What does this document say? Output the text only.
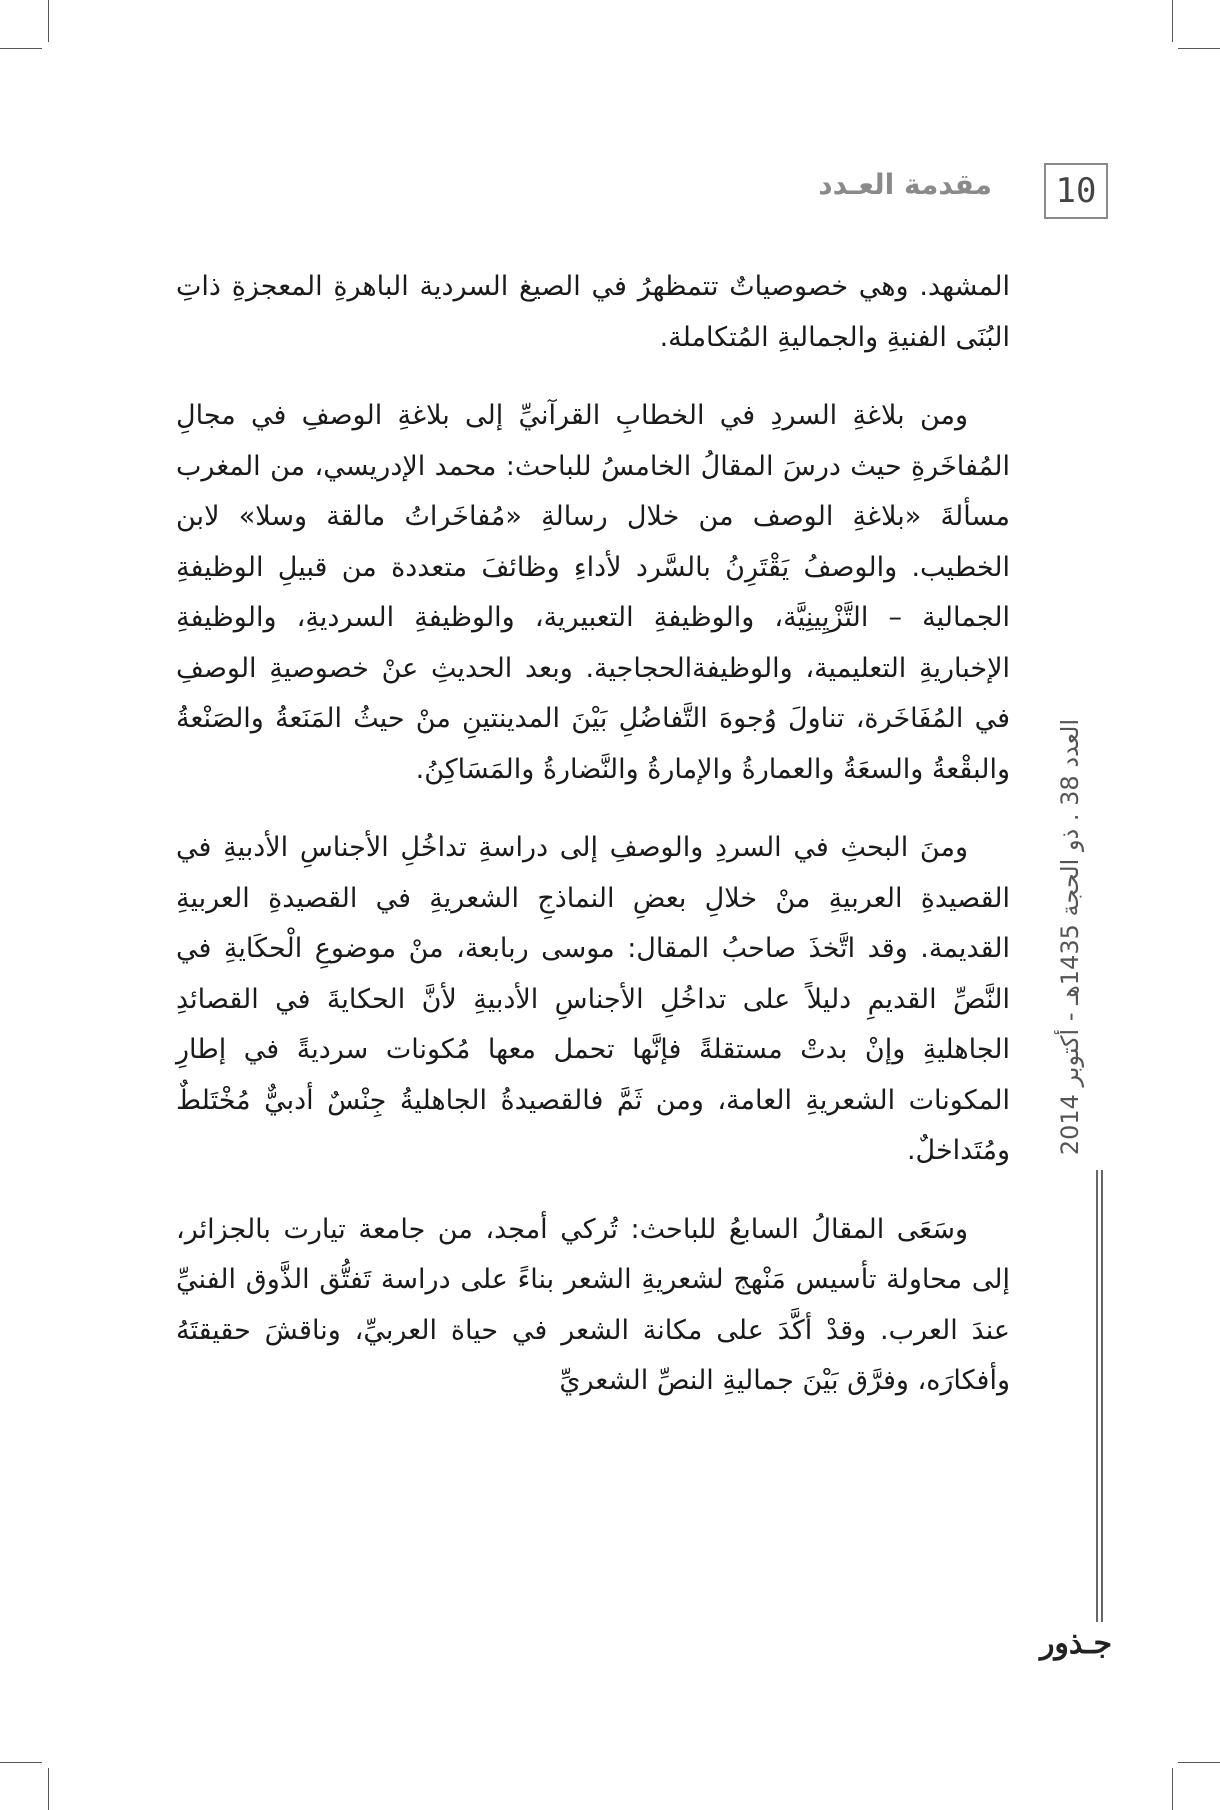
10
مقدمة العـدد

المشهد. وهي خصوصياتٌ تتمظهرُ في الصيغ السردية الباهرةِ المعجزةِ ذاتِ البُنَى الفنيةِ والجماليةِ المُتكاملة.

ومن بلاغةِ السردِ في الخطابِ القرآنيِّ إلى بلاغةِ الوصفِ في مجالِ المُفاخَرةِ حيث درسَ المقالُ الخامسُ للباحث: محمد الإدريسي، من المغرب مسألةَ «بلاغةِ الوصف من خلال رسالةِ «مُفاخَراتُ مالقة وسلا» لابن الخطيب. والوصفُ يَقْتَرِنُ بالسَّرد لأداءِ وظائفَ متعددة من قبيلِ الوظيفةِ الجمالية – التَّزْيِينِيَّة، والوظيفةِ التعبيرية، والوظيفةِ السرديةِ، والوظيفةِ الإخباريةِ التعليمية، والوظيفةالحجاجية. وبعد الحديثِ عنْ خصوصيةِ الوصفِ في المُفَاخَرة، تناولَ وُجوهَ التَّفاضُلِ بَيْنَ المدينتينِ منْ حيثُ المَنَعةُ والصَنْعةُ والبقْعةُ والسعَةُ والعمارةُ والإمارةُ والنَّضارةُ والمَسَاكِنُ.

ومنَ البحثِ في السردِ والوصفِ إلى دراسةِ تداخُلِ الأجناسِ الأدبيةِ في القصيدةِ العربيةِ منْ خلالِ بعضِ النماذجِ الشعريةِ في القصيدةِ العربيةِ القديمة. وقد اتَّخذَ صاحبُ المقال: موسى ربابعة، منْ موضوعِ الْحكَايةِ في النَّصِّ القديمِ دليلاً على تداخُلِ الأجناسِ الأدبيةِ لأنَّ الحكايةَ في القصائدِ الجاهليةِ وإنْ بدتْ مستقلةً فإنَّها تحمل معها مُكونات سرديةً في إطارِ المكونات الشعريةِ العامة، ومن ثَمَّ فالقصيدةُ الجاهليةُ جِنْسٌ أدبيٌّ مُخْتَلطٌ ومُتَداخلٌ.

وسَعَى المقالُ السابعُ للباحث: تُركي أمجد، من جامعة تيارت بالجزائر، إلى محاولة تأسيس مَنْهج لشعريةِ الشعر بناءً على دراسة تَفتُّق الذَّوق الفنيِّ عندَ العرب. وقدْ أكَّدَ على مكانة الشعر في حياة العربيِّ، وناقشَ حقيقتَهُ وأفكارَه، وفرَّق بَيْنَ جماليةِ النصِّ الشعريِّ

العدد 38 . ذو الحجة 1435هـ - أكتوبر 2014
جـذور
